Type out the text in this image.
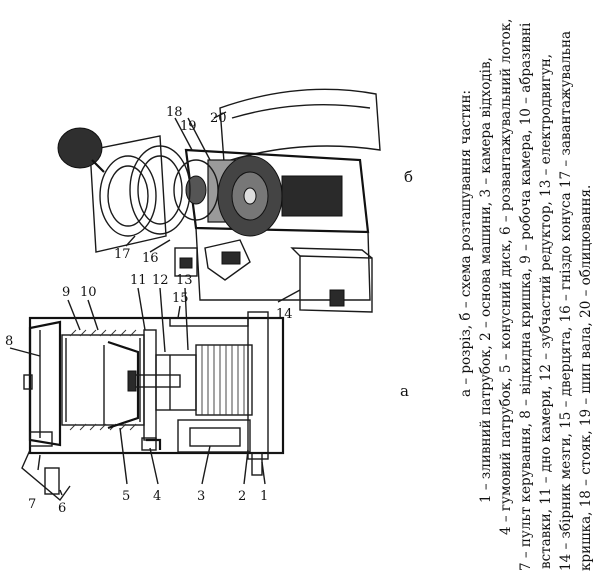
1
2
3
4
5
6
7
8
9 10
11 12 13
15
а
14
16
17
18
19
20
б	а – розріз, б – схема розташування частин: 1 – зливний патрубок, 2 – основа машини, 3 – камера відходів, 4 – гумовий патрубок, 5 – конусний диск, 6 – розвантажувальний лоток, 7 – пульт керування, 8 – відкидна кришка, 9 – робоча камера, 10 – абразивні вставки, 11 – дно камери, 12 – зубчастий редуктор, 13 – електродвигун, 14 – збірник мезги, 15 – дверцята, 16 – гніздо конуса 17 – завантажувальна кришка, 18 – стояк, 19 – шип вала, 20 – облицювання.
